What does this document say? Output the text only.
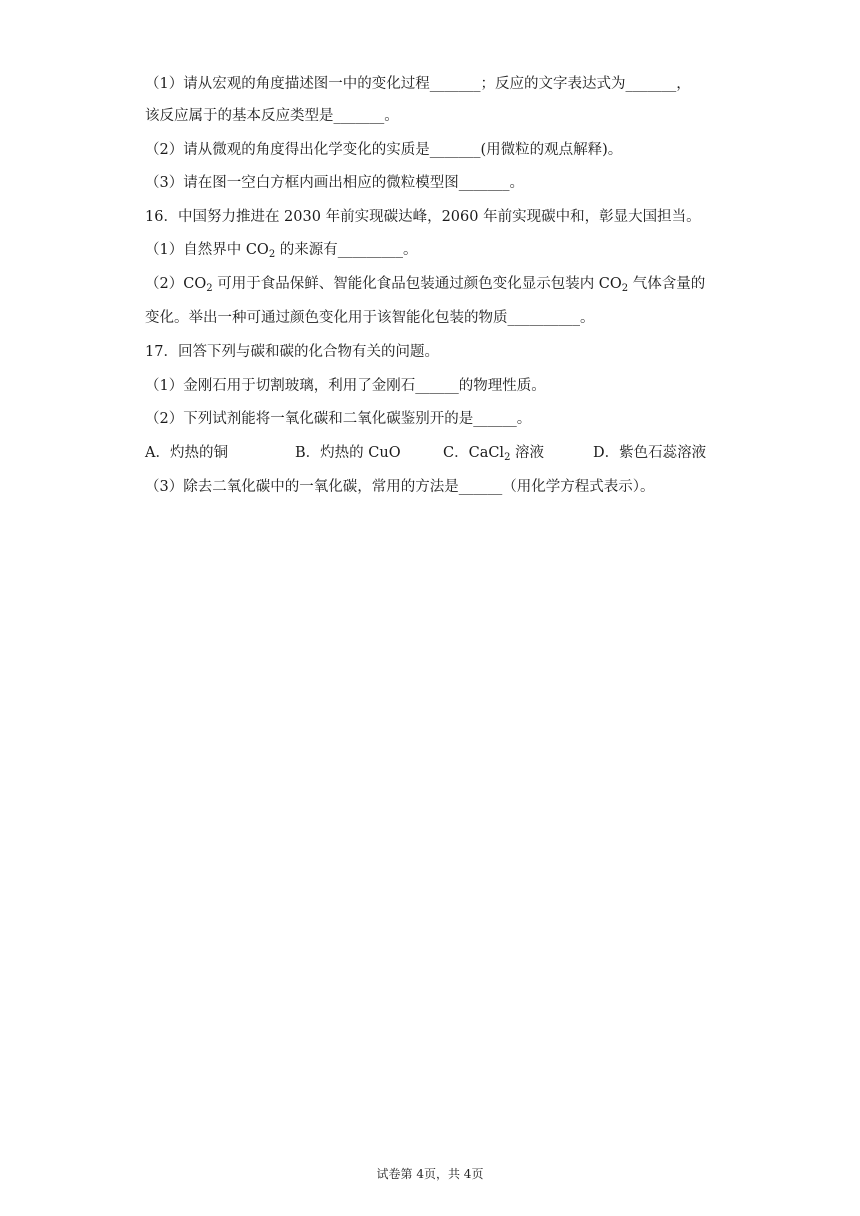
（1）请从宏观的角度描述图一中的变化过程_______；反应的文字表达式为_______，
该反应属于的基本反应类型是_______。
（2）请从微观的角度得出化学变化的实质是_______(用微粒的观点解释)。
（3）请在图一空白方框内画出相应的微粒模型图_______。
16．中国努力推进在 2030 年前实现碳达峰，2060 年前实现碳中和，彰显大国担当。
（1）自然界中 $CO_2$ 的来源有_________。
$(2)CO_2$ 可用于食品保鲜、智能化食品包装通过颜色变化显示包装内 $CO_2$ 气体含量的
变化。举出一种可通过颜色变化用于该智能化包装的物质__________。
17．回答下列与碳和碳的化合物有关的问题。
（1）金刚石用于切割玻璃，利用了金刚石______的物理性质。
（2）下列试剂能将一氧化碳和二氧化碳鉴别开的是______。
A．灼热的铜	B．灼热的 CuO	C．CaCl$_2$ 溶液	D．紫色石蕊溶液
（3）除去二氧化碳中的一氧化碳，常用的方法是______（用化学方程式表示）。
试卷第 4页，共 4页
